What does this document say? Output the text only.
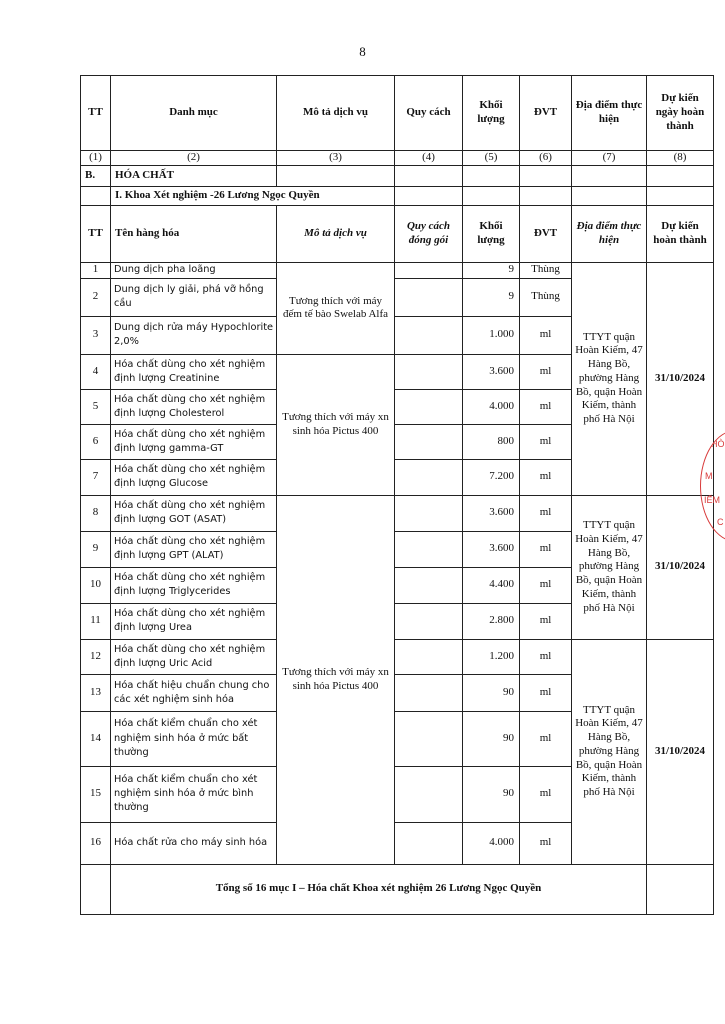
8
TT	Danh mục	Mô tả dịch vụ	Quy cách	Khối lượng	ĐVT	Địa điểm thực hiện	Dự kiến ngày hoàn thành
(1)	(2)	(3)	(4)	(5)	(6)	(7)	(8)
B.	HÓA CHẤT						
	I. Khoa Xét nghiệm -26 Lương Ngọc Quyền						
TT	Tên hàng hóa	Mô tả dịch vụ	Quy cách đóng gói	Khối lượng	ĐVT	Địa điểm thực hiện	Dự kiến hoàn thành
1	Dung dịch pha loãng	Tương thích với máy đếm tế bào Swelab Alfa		9	Thùng	TTYT quận Hoàn Kiếm, 47 Hàng Bồ, phường Hàng Bồ, quận Hoàn Kiếm, thành phố Hà Nội	31/10/2024
2	Dung dịch ly giải, phá vỡ hồng cầu			9	Thùng		
3	Dung dịch rửa máy Hypochlorite 2,0%			1.000	ml		
4	Hóa chất dùng cho xét nghiệm định lượng Creatinine	Tương thích với máy xn sinh hóa Pictus 400		3.600	ml		
5	Hóa chất dùng cho xét nghiệm định lượng Cholesterol			4.000	ml		
6	Hóa chất dùng cho xét nghiệm định lượng gamma-GT			800	ml		
7	Hóa chất dùng cho xét nghiệm định lượng Glucose			7.200	ml		
8	Hóa chất dùng cho xét nghiệm định lượng GOT (ASAT)	Tương thích với máy xn sinh hóa Pictus 400		3.600	ml	TTYT quận Hoàn Kiếm, 47 Hàng Bồ, phường Hàng Bồ, quận Hoàn Kiếm, thành phố Hà Nội	31/10/2024
9	Hóa chất dùng cho xét nghiệm định lượng GPT (ALAT)			3.600	ml		
10	Hóa chất dùng cho xét nghiệm định lượng Triglycerides			4.400	ml		
11	Hóa chất dùng cho xét nghiệm định lượng Urea			2.800	ml		
12	Hóa chất dùng cho xét nghiệm định lượng Uric Acid			1.200	ml	TTYT quận Hoàn Kiếm, 47 Hàng Bồ, phường Hàng Bồ, quận Hoàn Kiếm, thành phố Hà Nội	31/10/2024
13	Hóa chất hiệu chuẩn chung cho các xét nghiệm sinh hóa			90	ml		
14	Hóa chất kiểm chuẩn cho xét nghiệm sinh hóa ở mức bất thường			90	ml		
15	Hóa chất kiểm chuẩn cho xét nghiệm sinh hóa ở mức bình thường			90	ml		
16	Hóa chất rửa cho máy sinh hóa			4.000	ml		
	Tổng số 16 mục I – Hóa chất Khoa xét nghiệm 26 Lương Ngọc Quyền						
PHÒ
M
IẾM
C
